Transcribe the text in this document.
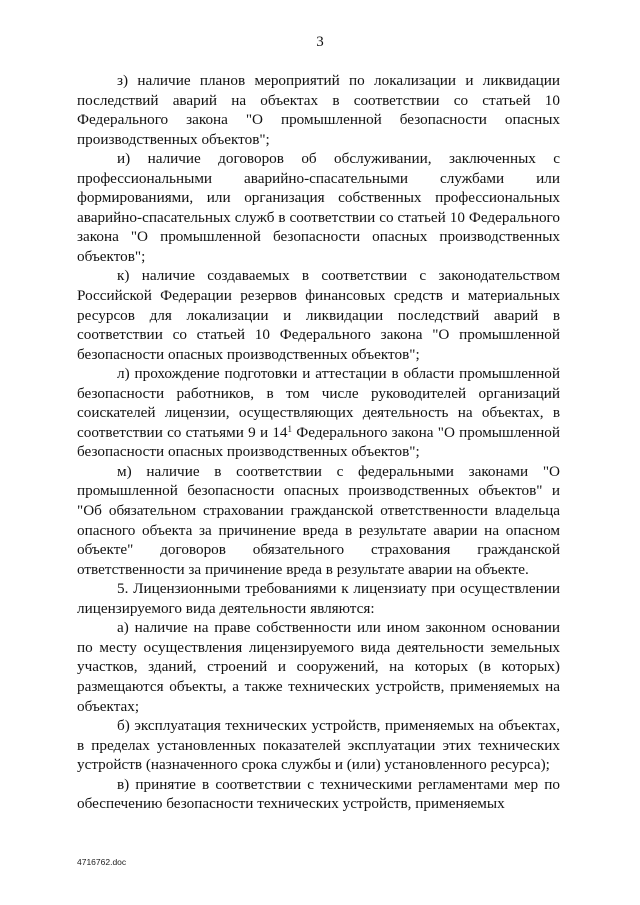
3

з) наличие планов мероприятий по локализации и ликвидации последствий аварий на объектах в соответствии со статьей 10 Федерального закона "О промышленной безопасности опасных производственных объектов";

и) наличие договоров об обслуживании, заключенных с профессиональными аварийно-спасательными службами или формированиями, или организация собственных профессиональных аварийно-спасательных служб в соответствии со статьей 10 Федерального закона "О промышленной безопасности опасных производственных объектов";

к) наличие создаваемых в соответствии с законодательством Российской Федерации резервов финансовых средств и материальных ресурсов для локализации и ликвидации последствий аварий в соответствии со статьей 10 Федерального закона "О промышленной безопасности опасных производственных объектов";

л) прохождение подготовки и аттестации в области промышленной безопасности работников, в том числе руководителей организаций соискателей лицензии, осуществляющих деятельность на объектах, в соответствии со статьями 9 и $14^1$ Федерального закона "О промышленной безопасности опасных производственных объектов";

м) наличие в соответствии с федеральными законами "О промышленной безопасности опасных производственных объектов" и "Об обязательном страховании гражданской ответственности владельца опасного объекта за причинение вреда в результате аварии на опасном объекте" договоров обязательного страхования гражданской ответственности за причинение вреда в результате аварии на объекте.

5. Лицензионными требованиями к лицензиату при осуществлении лицензируемого вида деятельности являются:

а) наличие на праве собственности или ином законном основании по месту осуществления лицензируемого вида деятельности земельных участков, зданий, строений и сооружений, на которых (в которых) размещаются объекты, а также технических устройств, применяемых на объектах;

б) эксплуатация технических устройств, применяемых на объектах, в пределах установленных показателей эксплуатации этих технических устройств (назначенного срока службы и (или) установленного ресурса);

в) принятие в соответствии с техническими регламентами мер по обеспечению безопасности технических устройств, применяемых

4716762.doc
